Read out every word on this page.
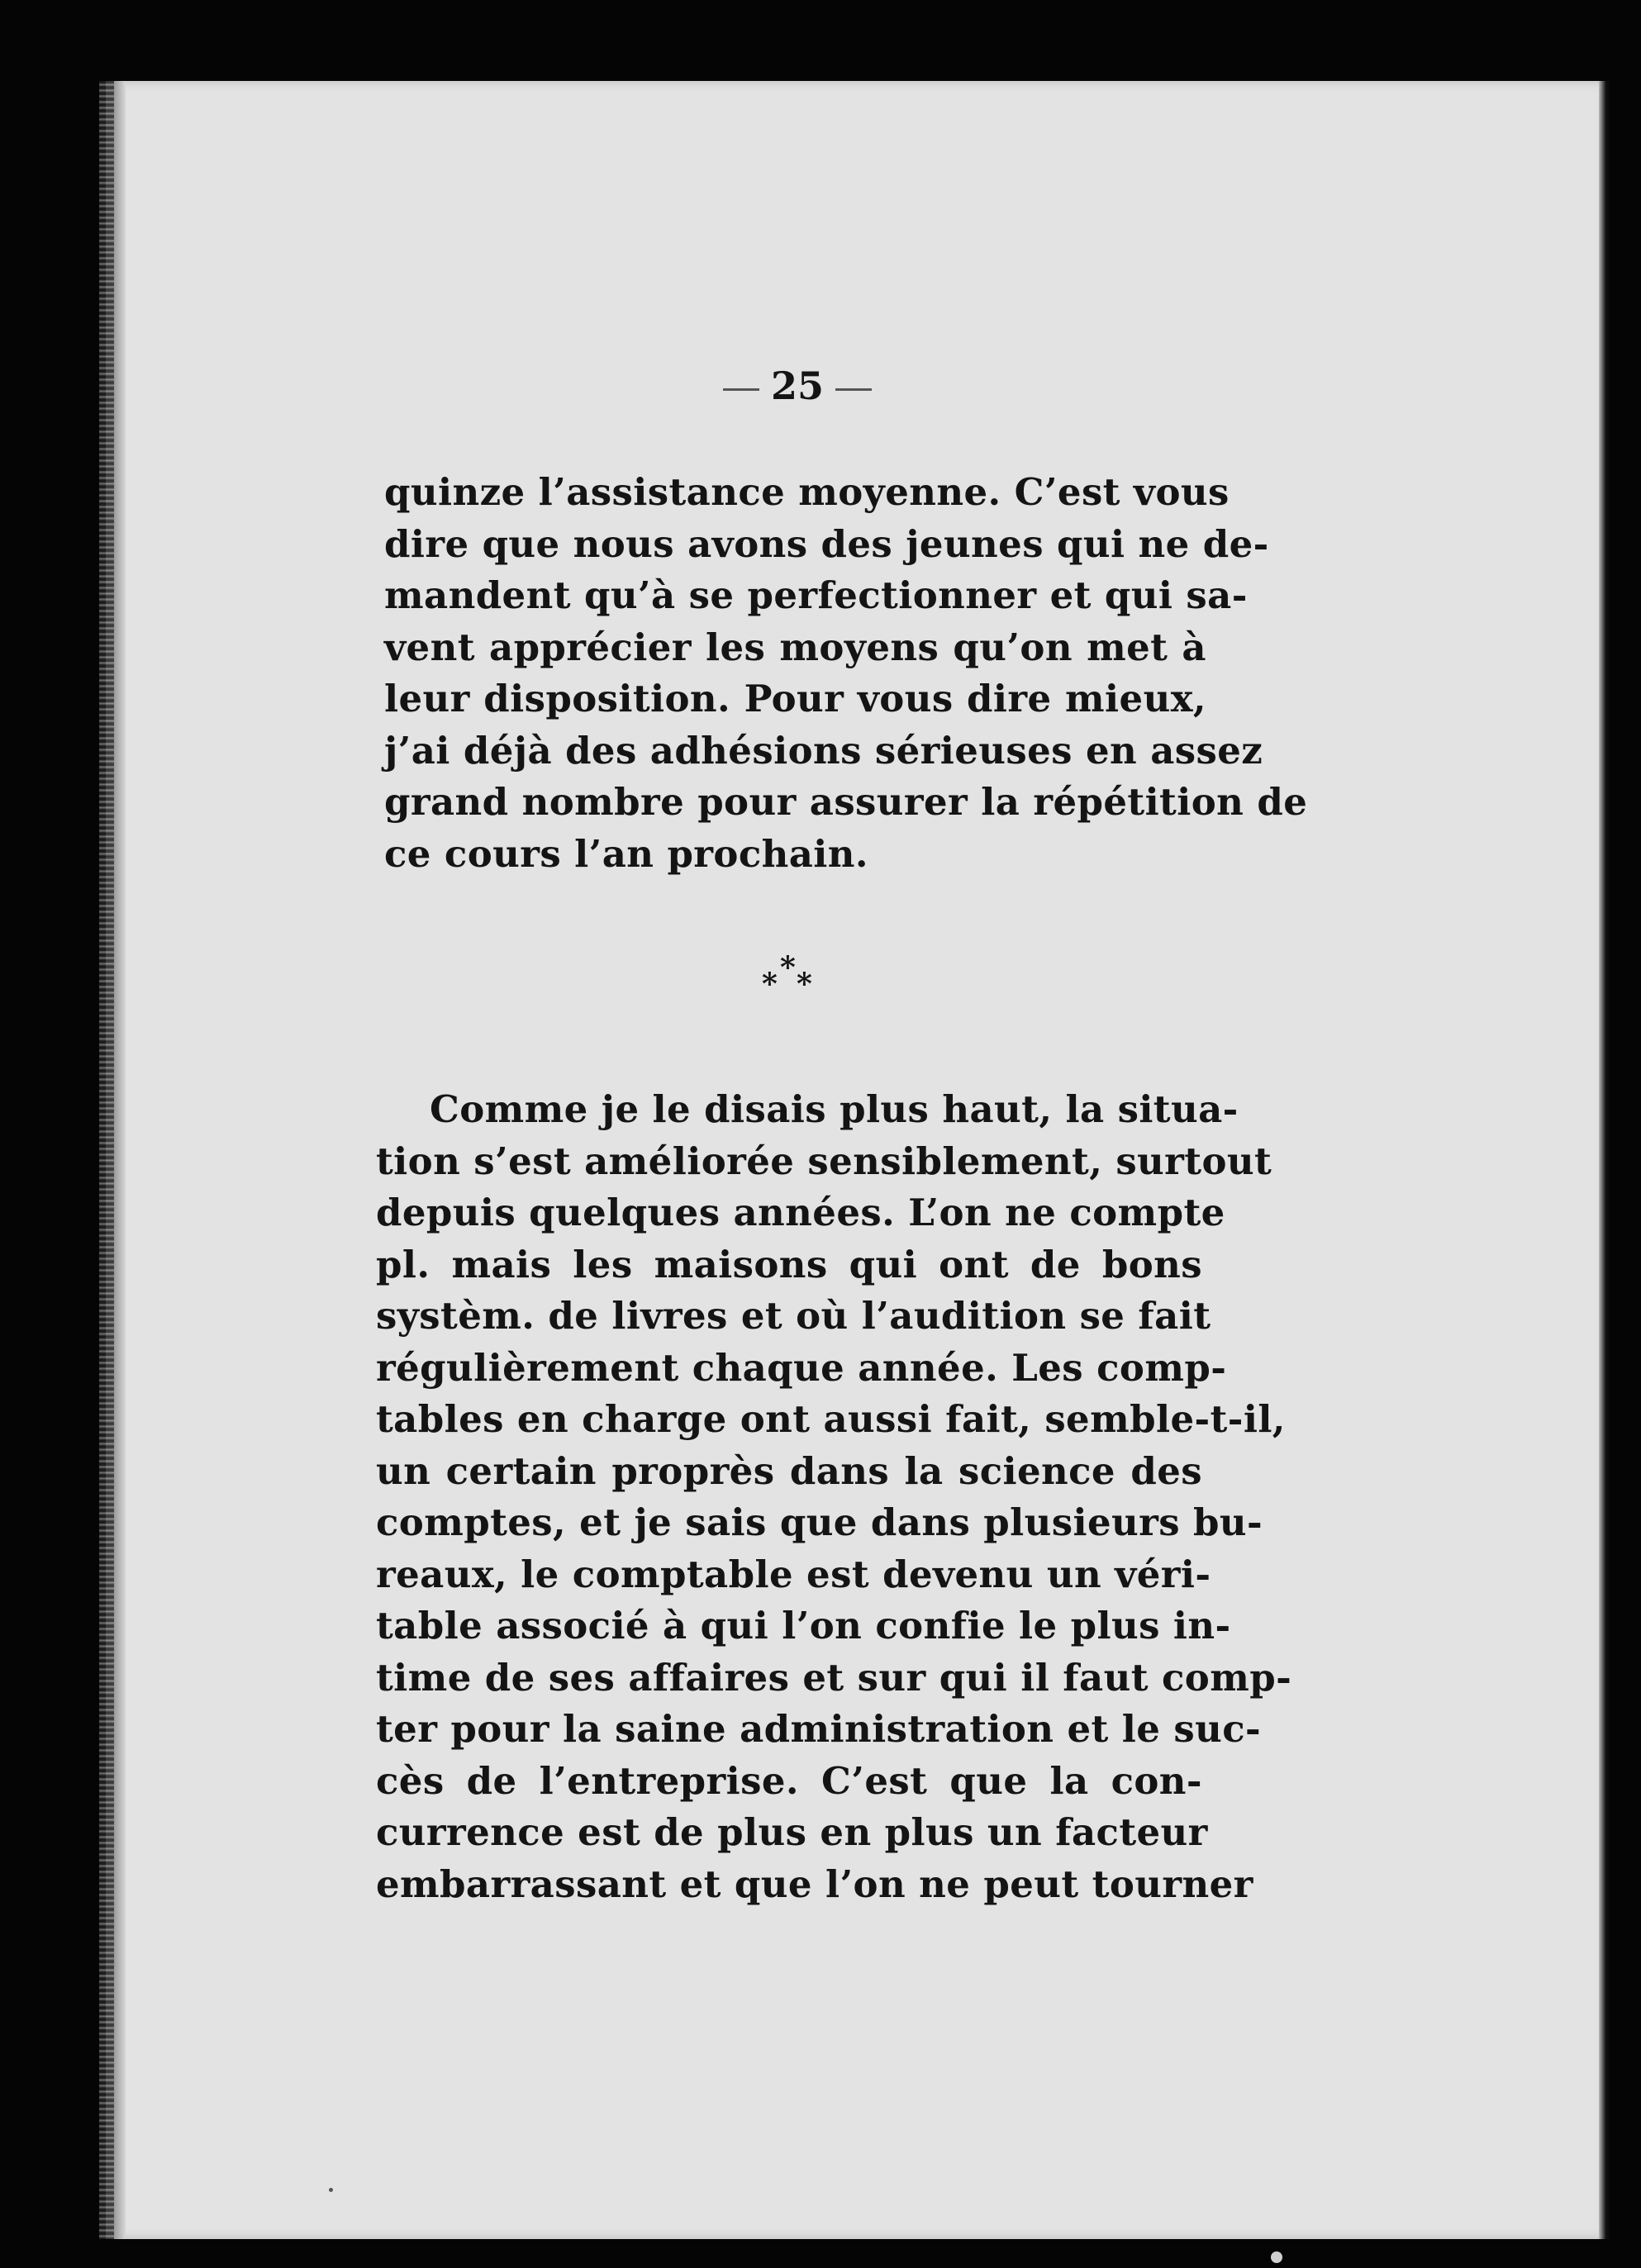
25
quinze l’assistance moyenne. C’est vous
dire que nous avons des jeunes qui ne de-
mandent qu’à se perfectionner et qui sa-
vent apprécier les moyens qu’on met à
leur disposition. Pour vous dire mieux,
j’ai déjà des adhésions sérieuses en assez
grand nombre pour assurer la répétition de
ce cours l’an prochain.
* * *
Comme je le disais plus haut, la situa-
tion s’est améliorée sensiblement, surtout
depuis quelques années. L’on ne compte
pl. mais les maisons qui ont de bons
systèm. de livres et où l’audition se fait
régulièrement chaque année. Les comp-
tables en charge ont aussi fait, semble-t-il,
un certain proprès dans la science des
comptes, et je sais que dans plusieurs bu-
reaux, le comptable est devenu un véri-
table associé à qui l’on confie le plus in-
time de ses affaires et sur qui il faut comp-
ter pour la saine administration et le suc-
cès de l’entreprise. C’est que la con-
currence est de plus en plus un facteur
embarrassant et que l’on ne peut tourner
